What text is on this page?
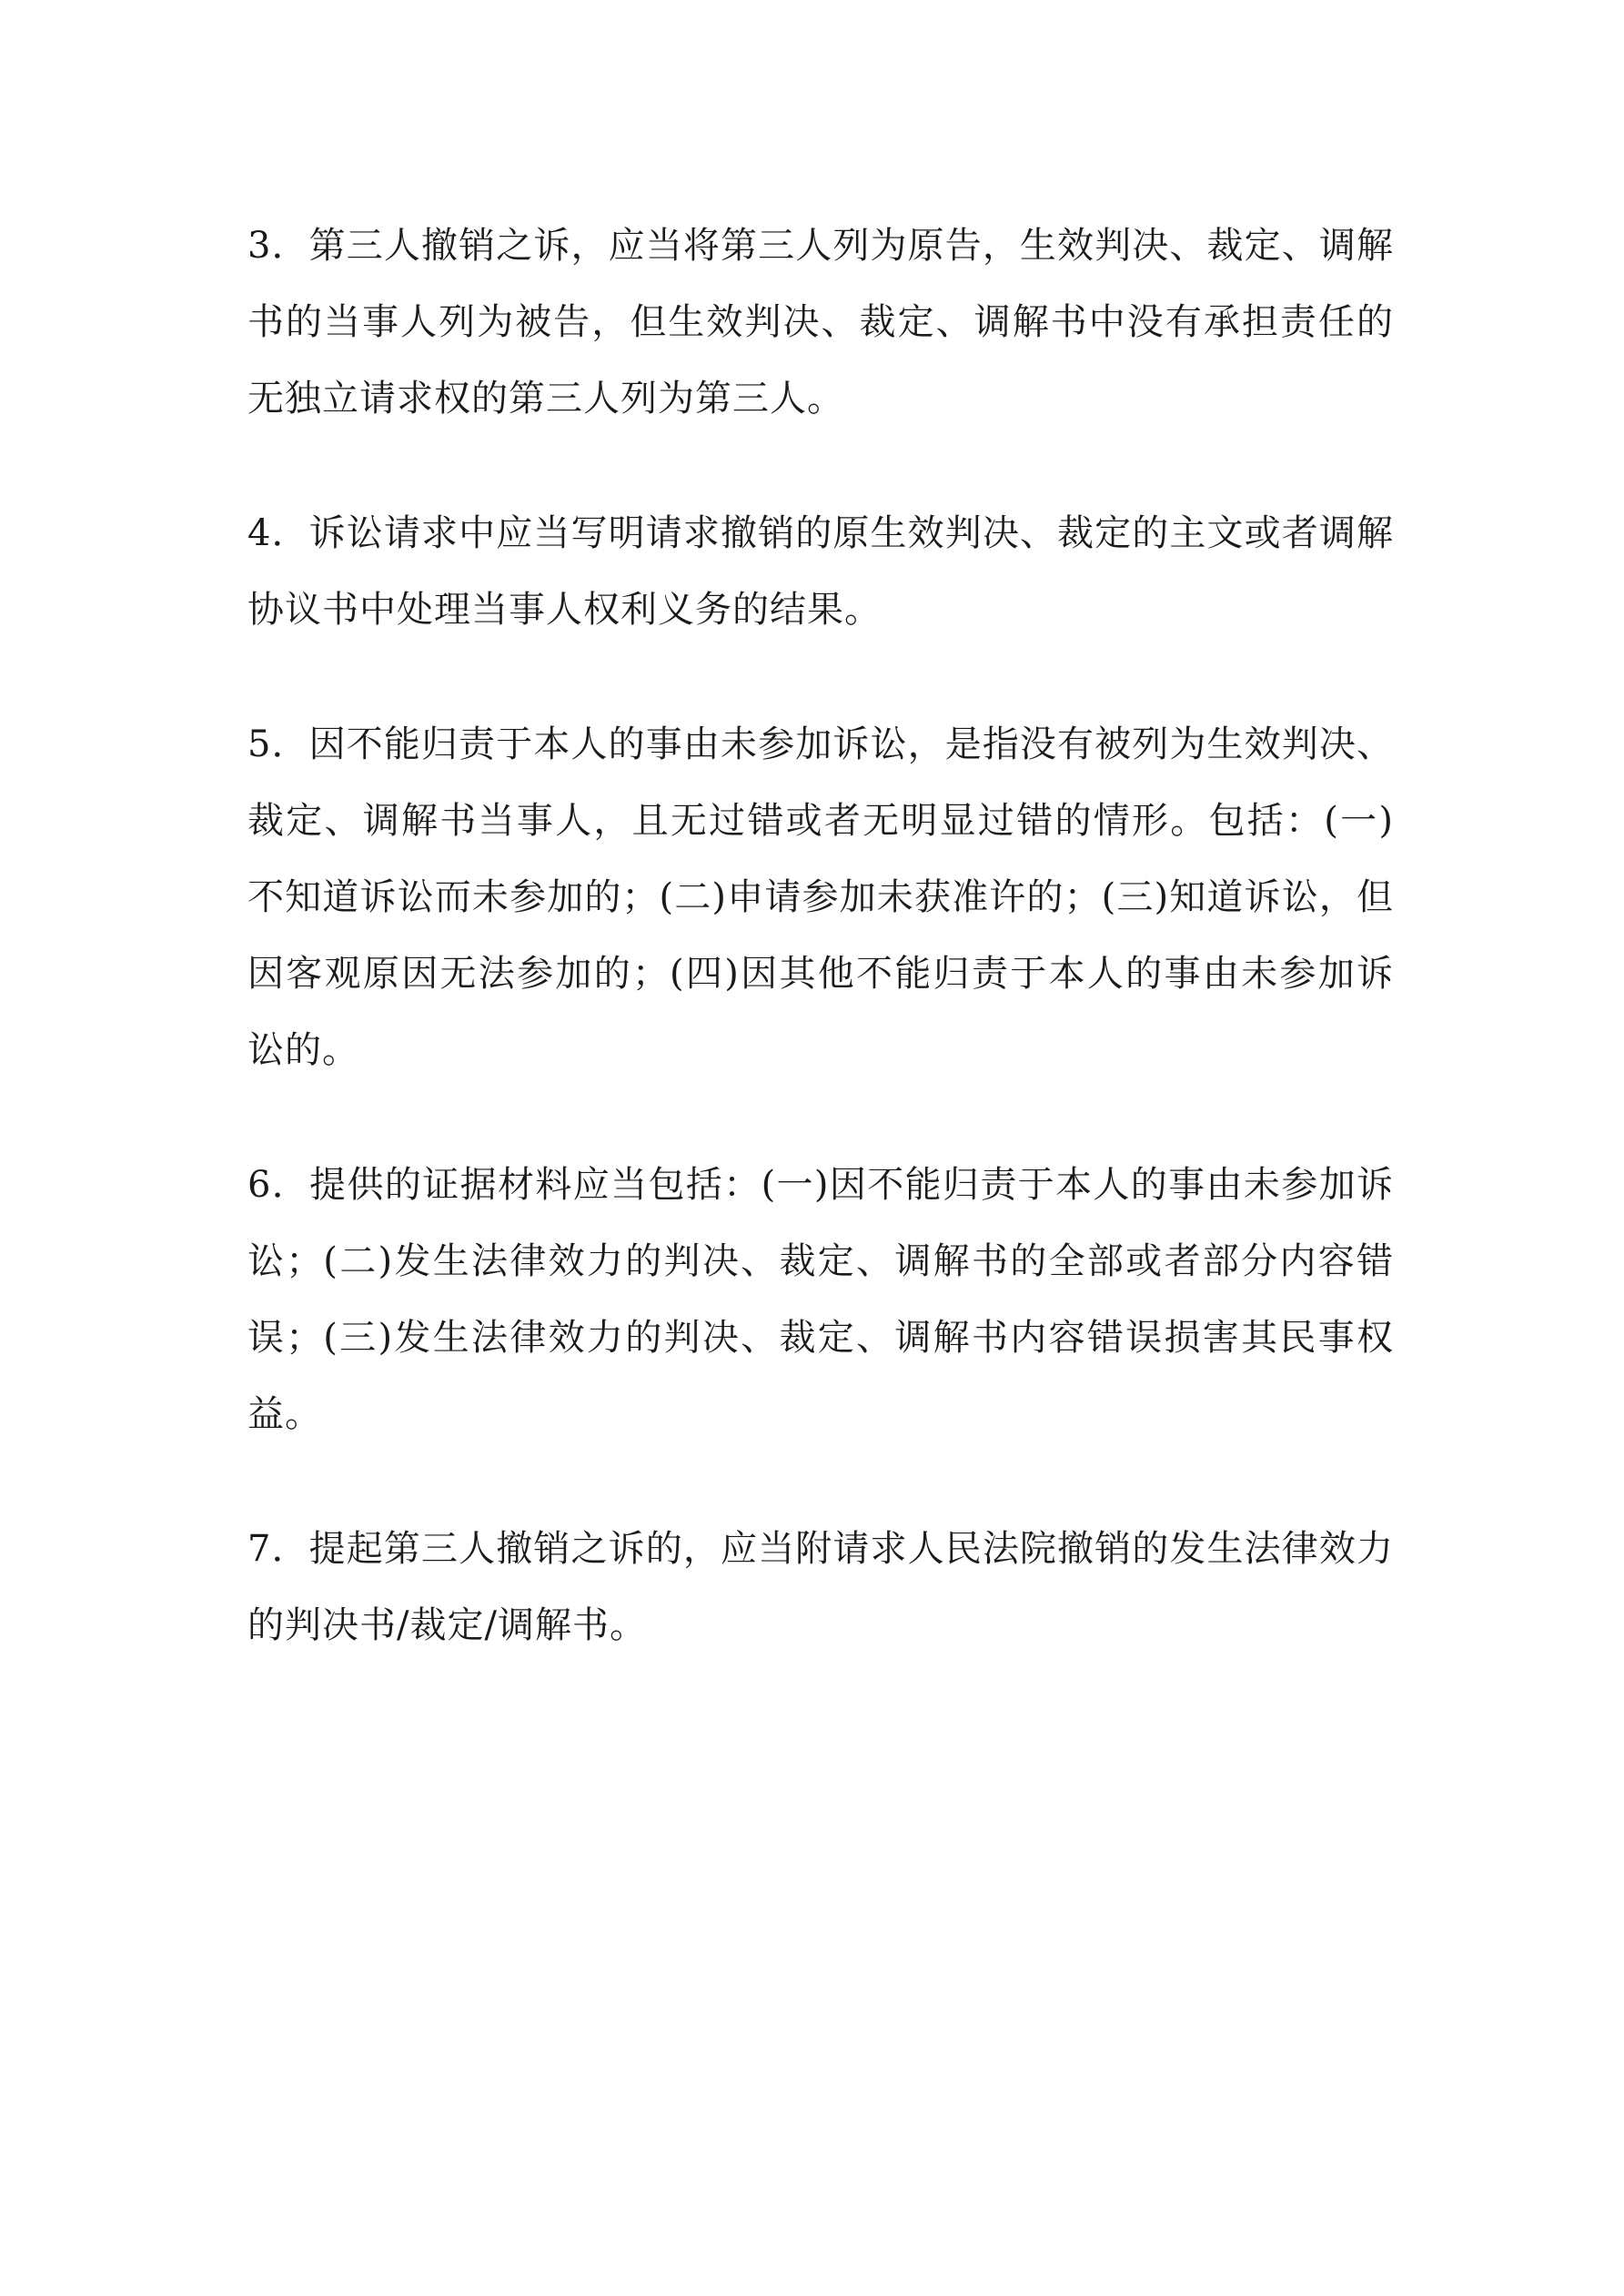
3．第三人撤销之诉，应当将第三人列为原告，生效判决、裁定、调解书的当事人列为被告，但生效判决、裁定、调解书中没有承担责任的无独立请求权的第三人列为第三人。

4．诉讼请求中应当写明请求撤销的原生效判决、裁定的主文或者调解协议书中处理当事人权利义务的结果。

5．因不能归责于本人的事由未参加诉讼，是指没有被列为生效判决、裁定、调解书当事人，且无过错或者无明显过错的情形。包括：(一)不知道诉讼而未参加的；(二)申请参加未获准许的；(三)知道诉讼，但因客观原因无法参加的；(四)因其他不能归责于本人的事由未参加诉讼的。

6．提供的证据材料应当包括：(一)因不能归责于本人的事由未参加诉讼；(二)发生法律效力的判决、裁定、调解书的全部或者部分内容错误；(三)发生法律效力的判决、裁定、调解书内容错误损害其民事权益。

7．提起第三人撤销之诉的，应当附请求人民法院撤销的发生法律效力的判决书/裁定/调解书。
